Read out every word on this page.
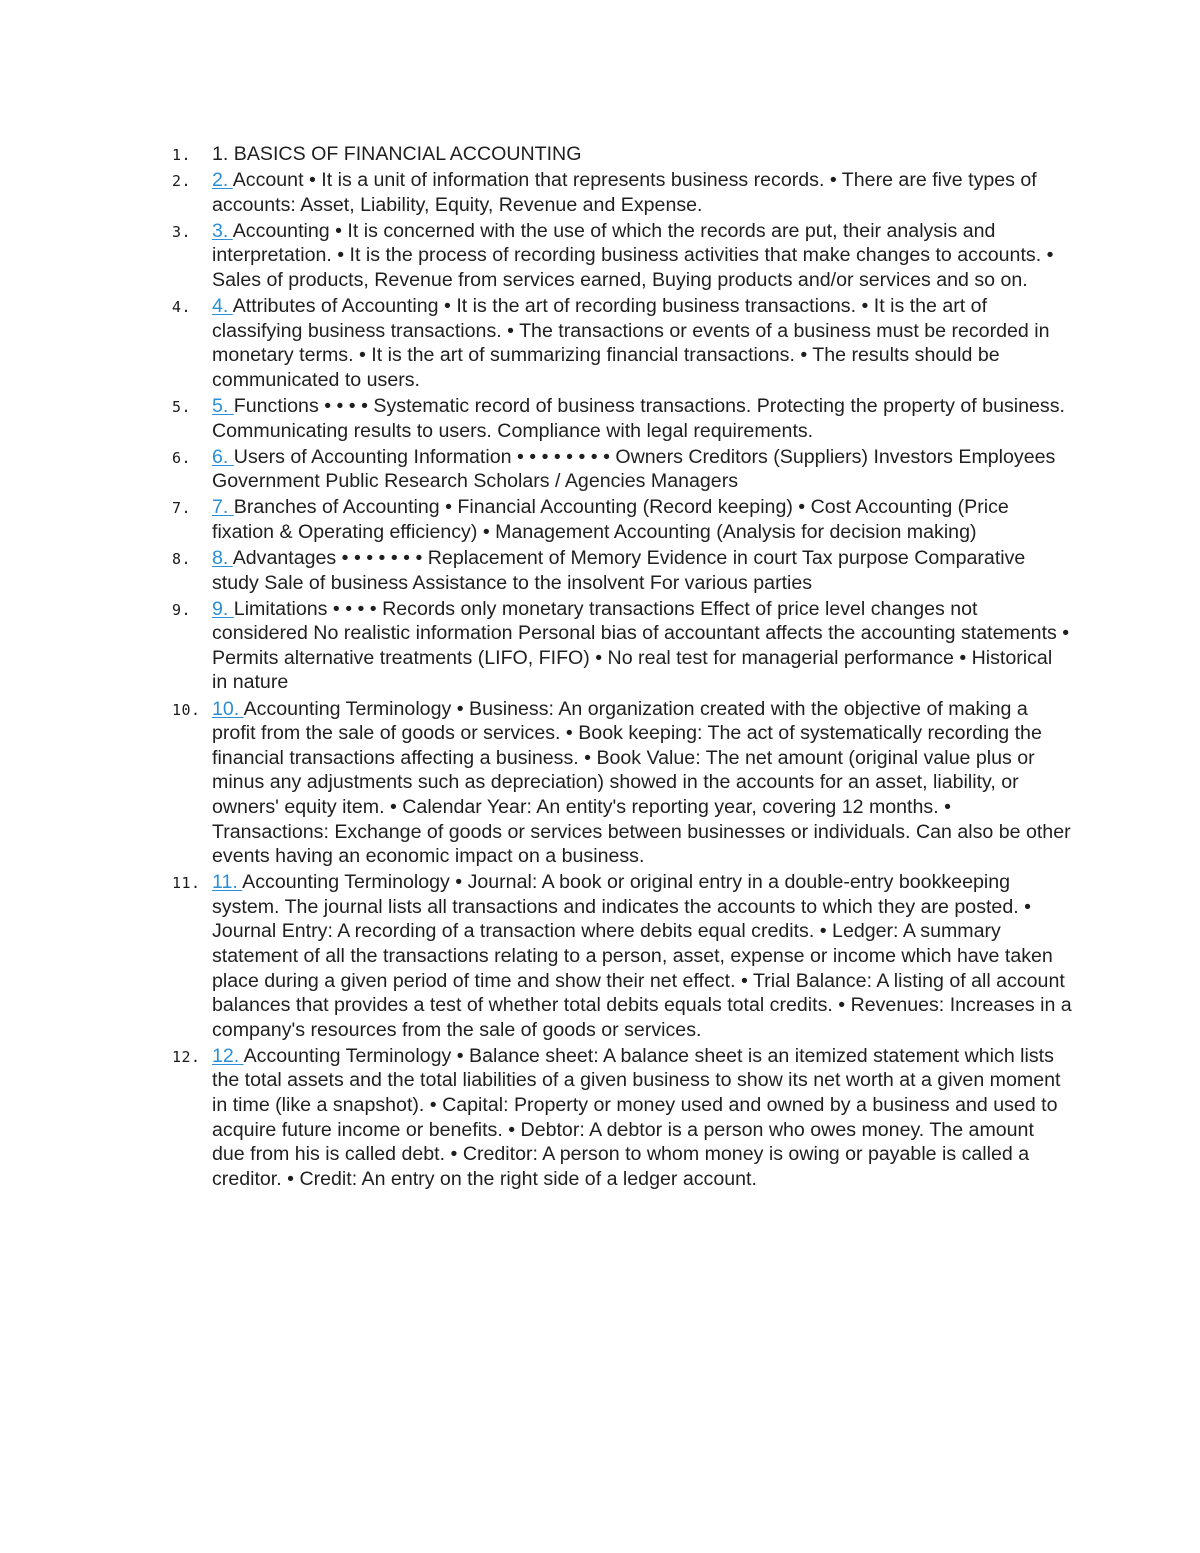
1. 1. BASICS OF FINANCIAL ACCOUNTING
2. 2. Account • It is a unit of information that represents business records. • There are five types of accounts: Asset, Liability, Equity, Revenue and Expense.
3. 3. Accounting • It is concerned with the use of which the records are put, their analysis and interpretation. • It is the process of recording business activities that make changes to accounts. • Sales of products, Revenue from services earned, Buying products and/or services and so on.
4. 4. Attributes of Accounting • It is the art of recording business transactions. • It is the art of classifying business transactions. • The transactions or events of a business must be recorded in monetary terms. • It is the art of summarizing financial transactions. • The results should be communicated to users.
5. 5. Functions • • • • Systematic record of business transactions. Protecting the property of business. Communicating results to users. Compliance with legal requirements.
6. 6. Users of Accounting Information • • • • • • • • Owners Creditors (Suppliers) Investors Employees Government Public Research Scholars / Agencies Managers
7. 7. Branches of Accounting • Financial Accounting (Record keeping) • Cost Accounting (Price fixation & Operating efficiency) • Management Accounting (Analysis for decision making)
8. 8. Advantages • • • • • • • Replacement of Memory Evidence in court Tax purpose Comparative study Sale of business Assistance to the insolvent For various parties
9. 9. Limitations • • • • Records only monetary transactions Effect of price level changes not considered No realistic information Personal bias of accountant affects the accounting statements • Permits alternative treatments (LIFO, FIFO) • No real test for managerial performance • Historical in nature
10. 10. Accounting Terminology • Business: An organization created with the objective of making a profit from the sale of goods or services. • Book keeping: The act of systematically recording the financial transactions affecting a business. • Book Value: The net amount (original value plus or minus any adjustments such as depreciation) showed in the accounts for an asset, liability, or owners' equity item. • Calendar Year: An entity's reporting year, covering 12 months. • Transactions: Exchange of goods or services between businesses or individuals. Can also be other events having an economic impact on a business.
11. 11. Accounting Terminology • Journal: A book or original entry in a double-entry bookkeeping system. The journal lists all transactions and indicates the accounts to which they are posted. • Journal Entry: A recording of a transaction where debits equal credits. • Ledger: A summary statement of all the transactions relating to a person, asset, expense or income which have taken place during a given period of time and show their net effect. • Trial Balance: A listing of all account balances that provides a test of whether total debits equals total credits. • Revenues: Increases in a company's resources from the sale of goods or services.
12. 12. Accounting Terminology • Balance sheet: A balance sheet is an itemized statement which lists the total assets and the total liabilities of a given business to show its net worth at a given moment in time (like a snapshot). • Capital: Property or money used and owned by a business and used to acquire future income or benefits. • Debtor: A debtor is a person who owes money. The amount due from his is called debt. • Creditor: A person to whom money is owing or payable is called a creditor. • Credit: An entry on the right side of a ledger account.
